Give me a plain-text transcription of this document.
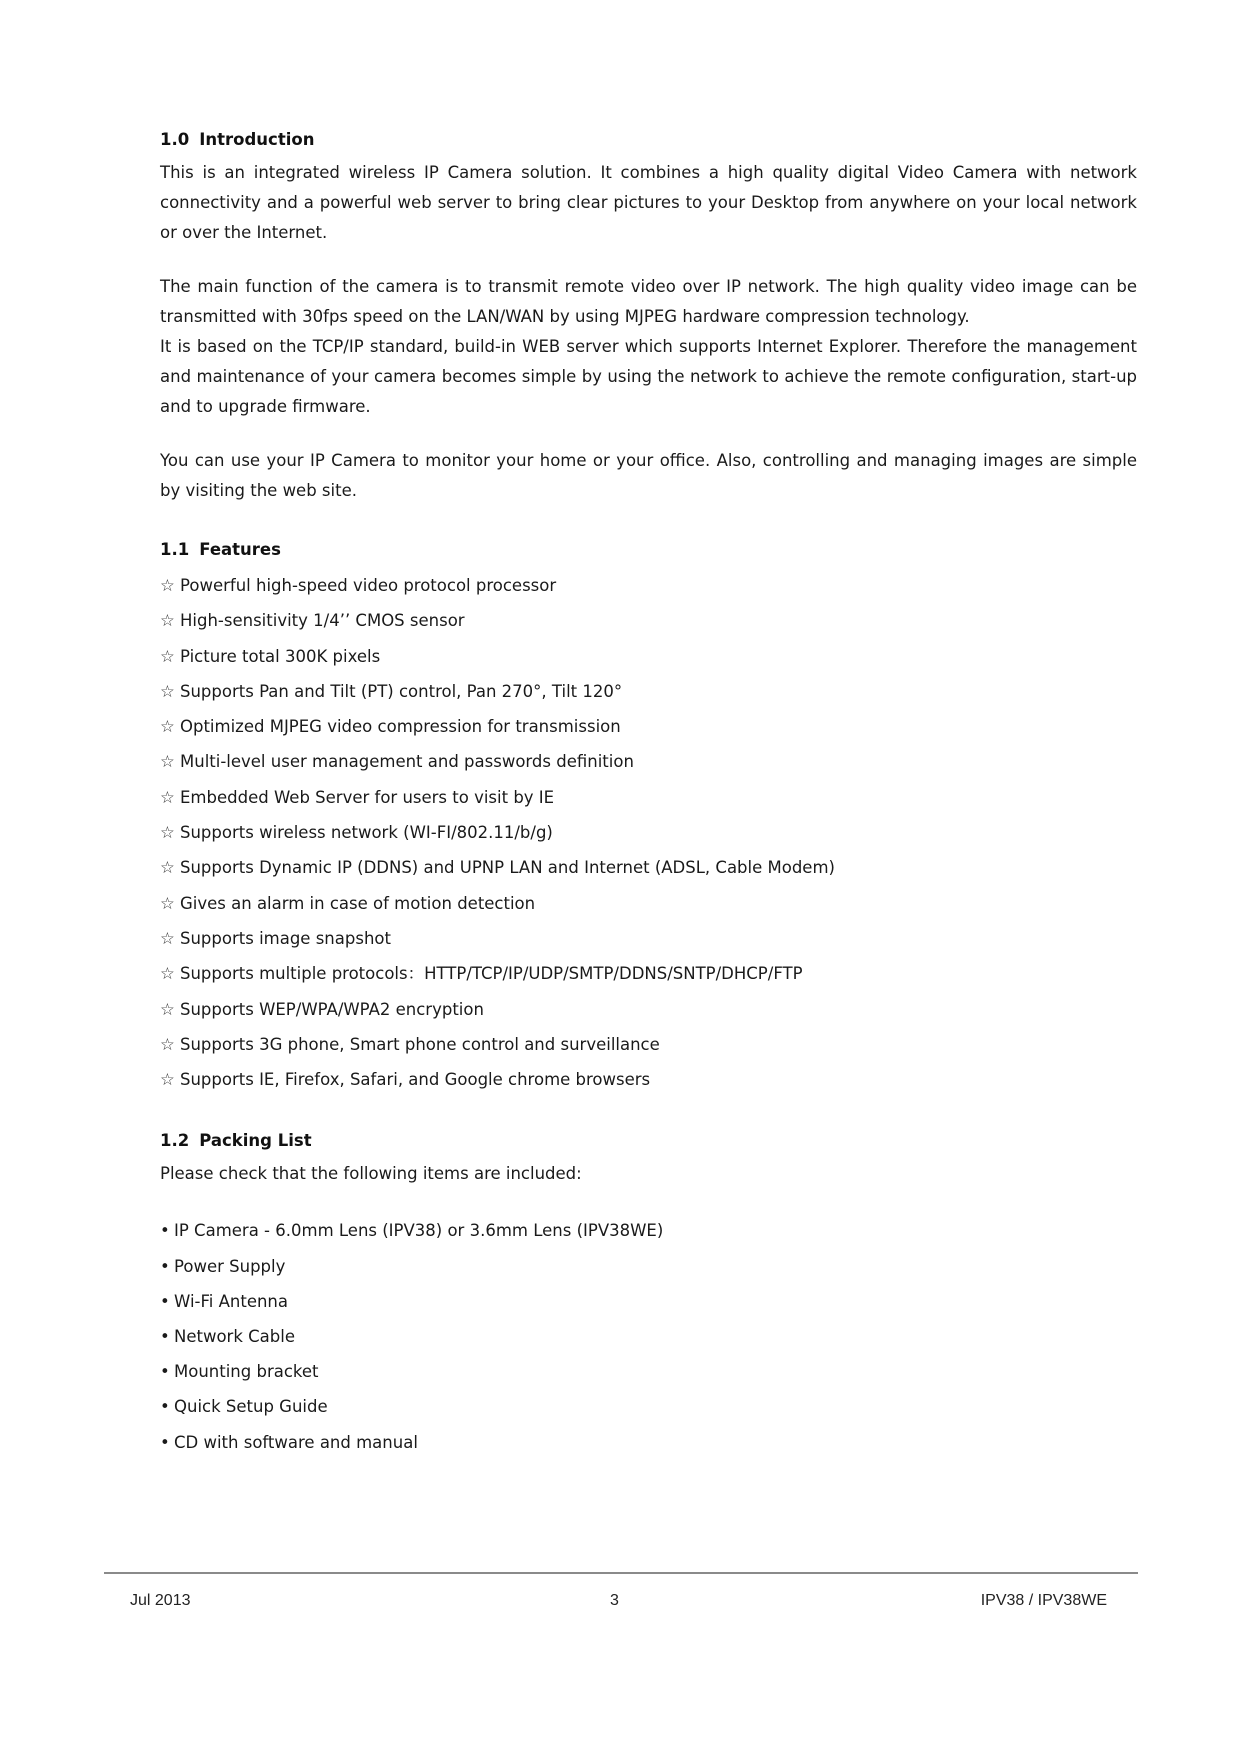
1.0 Introduction

This is an integrated wireless IP Camera solution. It combines a high quality digital Video Camera with network connectivity and a powerful web server to bring clear pictures to your Desktop from anywhere on your local network or over the Internet.

The main function of the camera is to transmit remote video over IP network. The high quality video image can be transmitted with 30fps speed on the LAN/WAN by using MJPEG hardware compression technology.

It is based on the TCP/IP standard, build-in WEB server which supports Internet Explorer. Therefore the management and maintenance of your camera becomes simple by using the network to achieve the remote configuration, start-up and to upgrade firmware.

You can use your IP Camera to monitor your home or your office. Also, controlling and managing images are simple by visiting the web site.

1.1 Features
☆ Powerful high-speed video protocol processor
☆ High-sensitivity 1/4’’ CMOS sensor
☆ Picture total 300K pixels
☆ Supports Pan and Tilt (PT) control, Pan 270°, Tilt 120°
☆ Optimized MJPEG video compression for transmission
☆ Multi-level user management and passwords definition
☆ Embedded Web Server for users to visit by IE
☆ Supports wireless network (WI-FI/802.11/b/g)
☆ Supports Dynamic IP (DDNS) and UPNP LAN and Internet (ADSL, Cable Modem)
☆ Gives an alarm in case of motion detection
☆ Supports image snapshot
☆ Supports multiple protocols：HTTP/TCP/IP/UDP/SMTP/DDNS/SNTP/DHCP/FTP
☆ Supports WEP/WPA/WPA2 encryption
☆ Supports 3G phone, Smart phone control and surveillance
☆ Supports IE, Firefox, Safari, and Google chrome browsers
1.2 Packing List

Please check that the following items are included:

• IP Camera - 6.0mm Lens (IPV38) or 3.6mm Lens (IPV38WE)
• Power Supply
• Wi-Fi Antenna
• Network Cable
• Mounting bracket
• Quick Setup Guide
• CD with software and manual
Jul 2013	3	IPV38 / IPV38WE
